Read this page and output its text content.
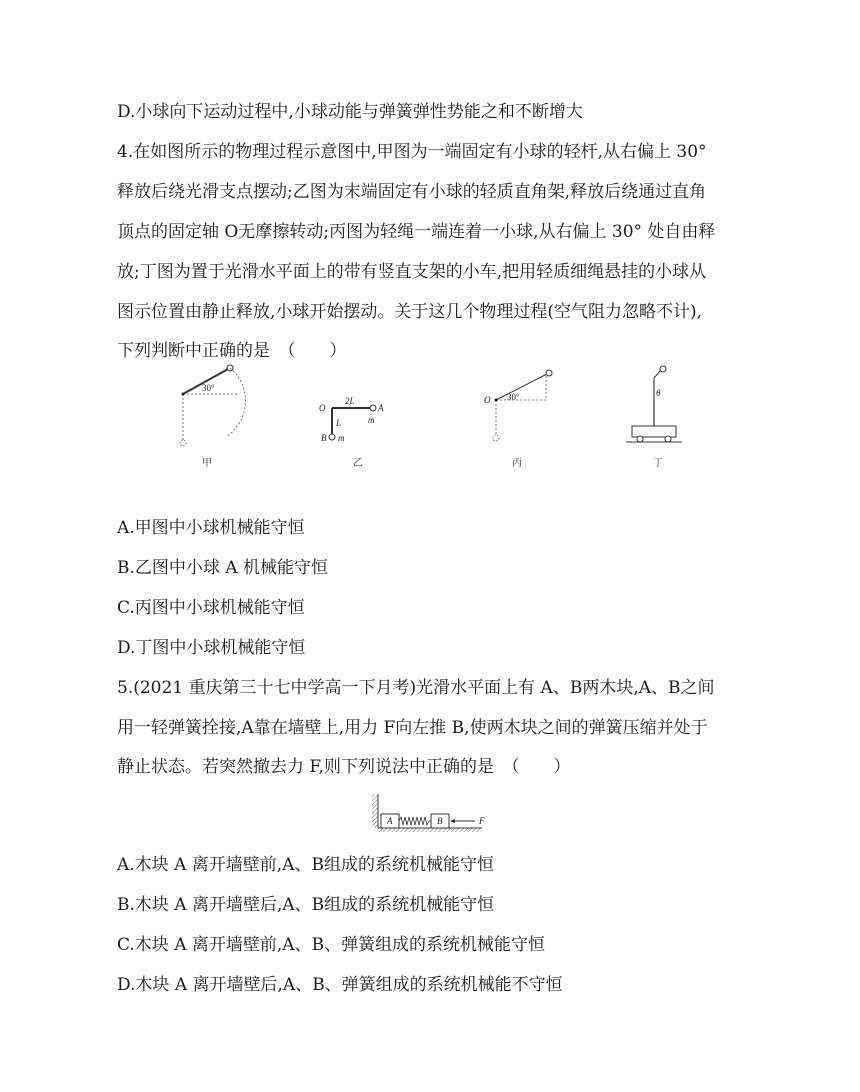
D.小球向下运动过程中,小球动能与弹簧弹性势能之和不断增大
4.在如图所示的物理过程示意图中,甲图为一端固定有小球的轻杆,从右偏上 30°
释放后绕光滑支点摆动;乙图为末端固定有小球的轻质直角架,释放后绕通过直角
顶点的固定轴 O无摩擦转动;丙图为轻绳一端连着一小球,从右偏上 30° 处自由释
放;丁图为置于光滑水平面上的带有竖直支架的小车,把用轻质细绳悬挂的小球从
图示位置由静止释放,小球开始摆动。关于这几个物理过程(空气阻力忽略不计),
下列判断中正确的是　（　　）
30°
甲
O
2L
A
m
L
B m
乙
O 30°
丙
θ
丁
A.甲图中小球机械能守恒
B.乙图中小球 A 机械能守恒
C.丙图中小球机械能守恒
D.丁图中小球机械能守恒
5.(2021 重庆第三十七中学高一下月考)光滑水平面上有 A、B两木块,A、B之间
用一轻弹簧拴接,A靠在墙壁上,用力 F向左推 B,使两木块之间的弹簧压缩并处于
静止状态。若突然撤去力 F,则下列说法中正确的是　（　　）
A	B	F
A.木块 A 离开墙壁前,A、B组成的系统机械能守恒
B.木块 A 离开墙壁后,A、B组成的系统机械能守恒
C.木块 A 离开墙壁前,A、B、弹簧组成的系统机械能守恒
D.木块 A 离开墙壁后,A、B、弹簧组成的系统机械能不守恒
